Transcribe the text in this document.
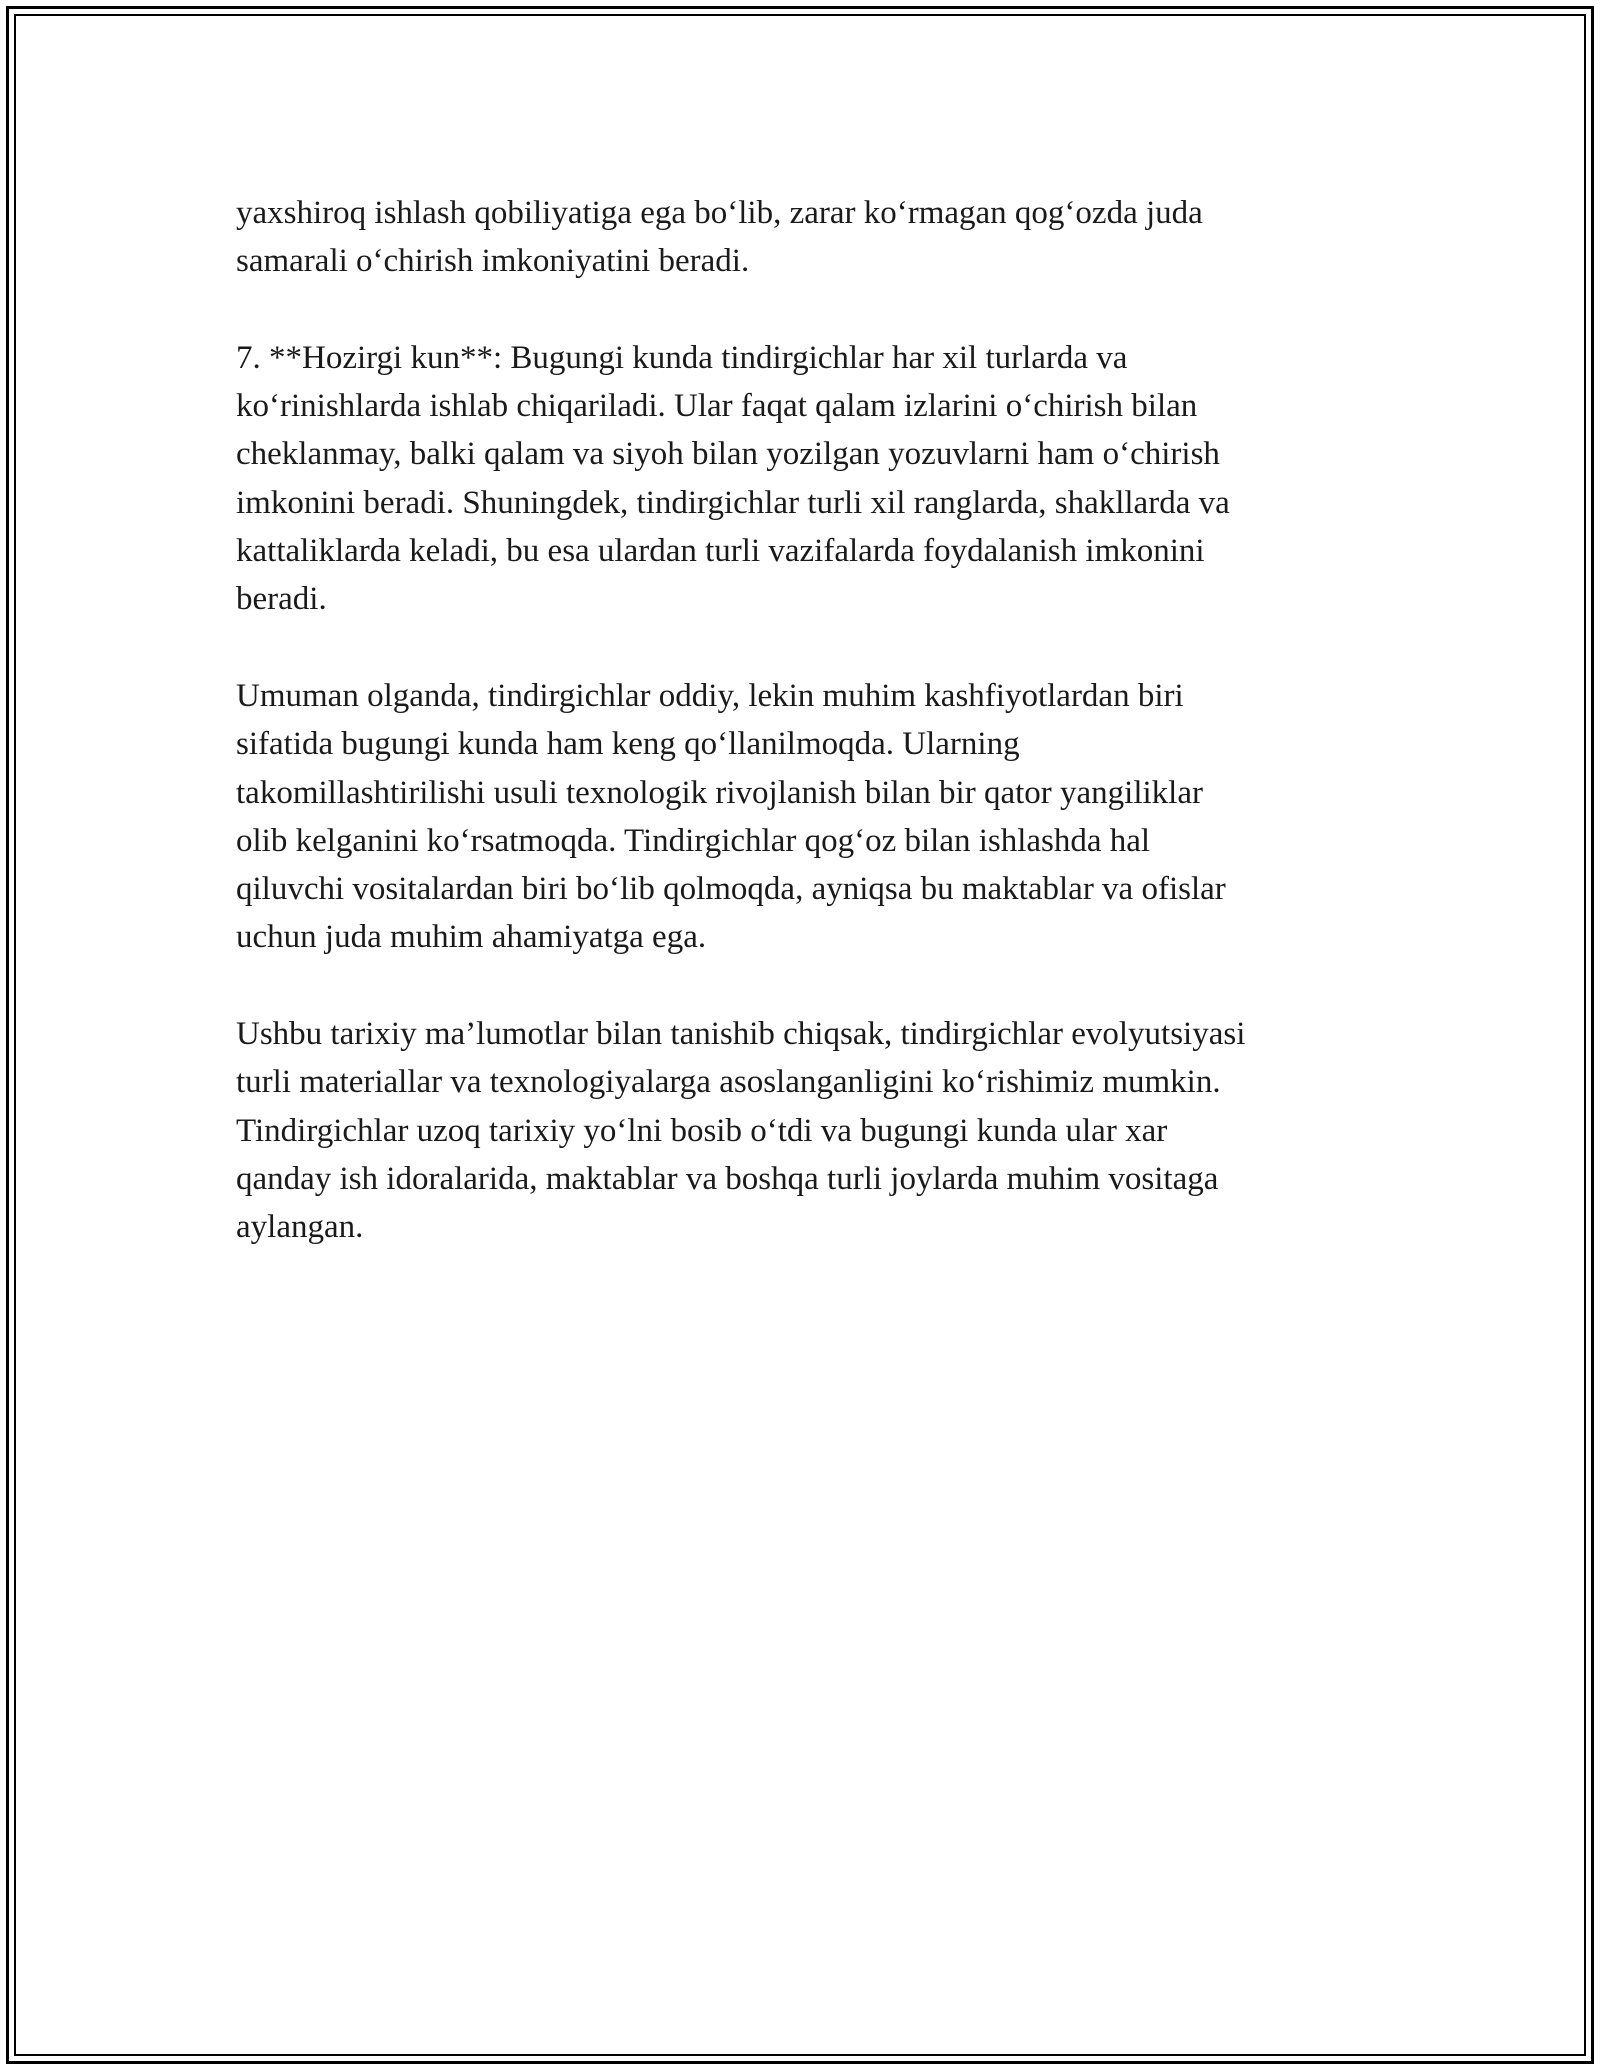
yaxshiroq ishlash qobiliyatiga ega bo‘lib, zarar ko‘rmagan qog‘ozda juda
samarali o‘chirish imkoniyatini beradi.

7. **Hozirgi kun**: Bugungi kunda tindirgichlar har xil turlarda va
ko‘rinishlarda ishlab chiqariladi. Ular faqat qalam izlarini o‘chirish bilan
cheklanmay, balki qalam va siyoh bilan yozilgan yozuvlarni ham o‘chirish
imkonini beradi. Shuningdek, tindirgichlar turli xil ranglarda, shakllarda va
kattaliklarda keladi, bu esa ulardan turli vazifalarda foydalanish imkonini
beradi.

Umuman olganda, tindirgichlar oddiy, lekin muhim kashfiyotlardan biri
sifatida bugungi kunda ham keng qo‘llanilmoqda. Ularning
takomillashtirilishi usuli texnologik rivojlanish bilan bir qator yangiliklar
olib kelganini ko‘rsatmoqda. Tindirgichlar qog‘oz bilan ishlashda hal
qiluvchi vositalardan biri bo‘lib qolmoqda, ayniqsa bu maktablar va ofislar
uchun juda muhim ahamiyatga ega.

Ushbu tarixiy ma’lumotlar bilan tanishib chiqsak, tindirgichlar evolyutsiyasi
turli materiallar va texnologiyalarga asoslanganligini ko‘rishimiz mumkin.
Tindirgichlar uzoq tarixiy yo‘lni bosib o‘tdi va bugungi kunda ular xar
qanday ish idoralarida, maktablar va boshqa turli joylarda muhim vositaga
aylangan.
